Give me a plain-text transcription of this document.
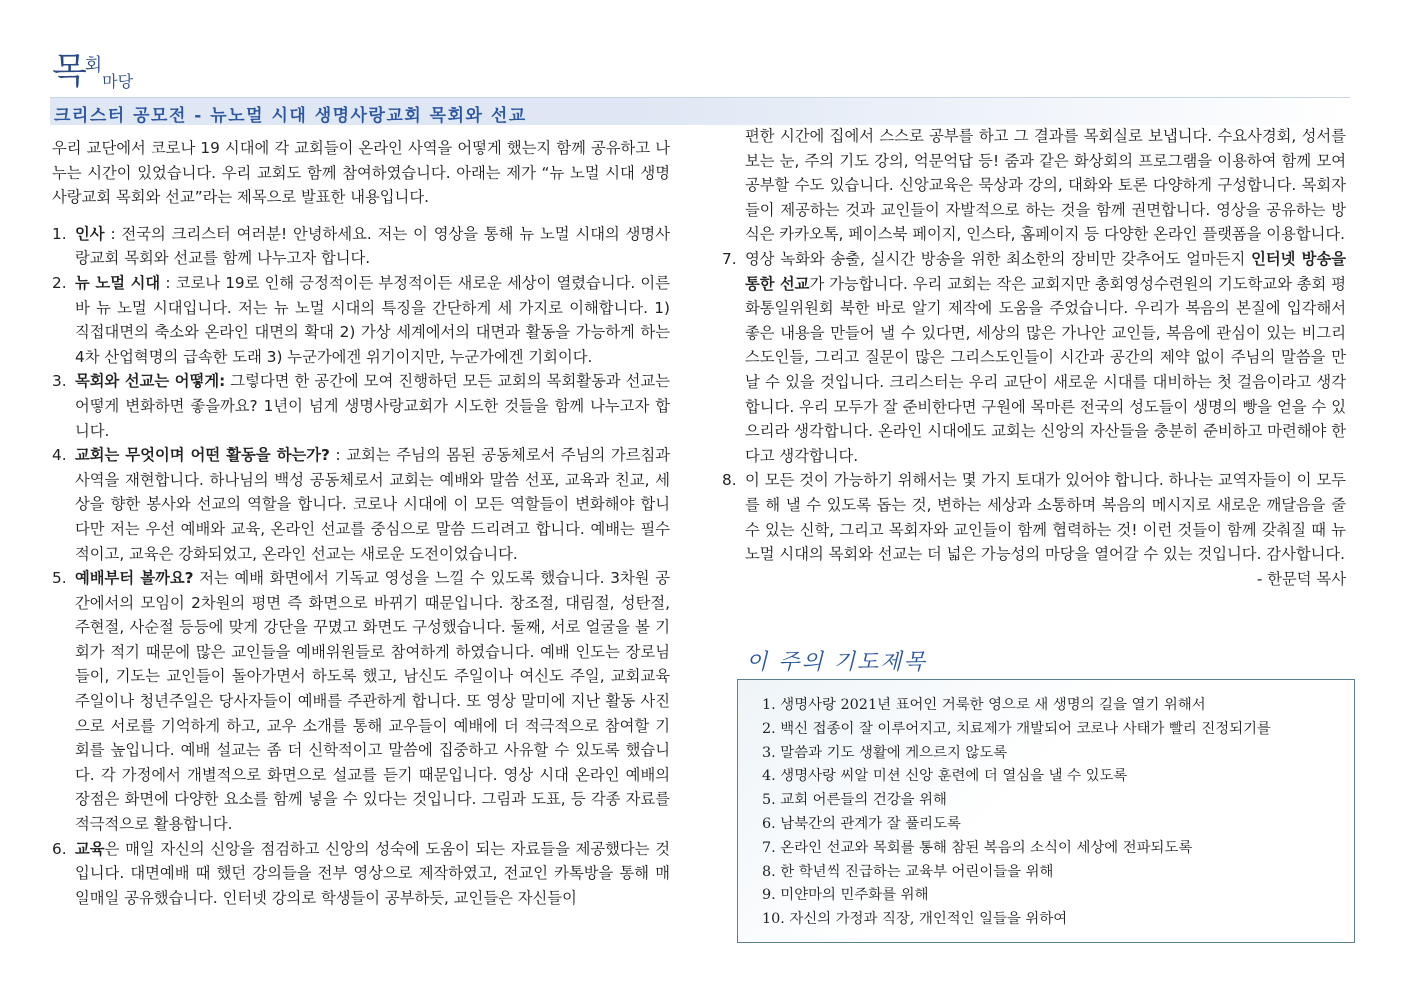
목회마당
크리스터 공모전 - 뉴노멀 시대 생명사랑교회 목회와 선교

우리 교단에서 코로나 19 시대에 각 교회들이 온라인 사역을 어떻게 했는지 함께 공유하고 나누는 시간이 있었습니다. 우리 교회도 함께 참여하였습니다. 아래는 제가 “뉴 노멀 시대 생명사랑교회 목회와 선교”라는 제목으로 발표한 내용입니다.

1. 인사 : 전국의 크리스터 여러분! 안녕하세요. 저는 이 영상을 통해 뉴 노멀 시대의 생명사랑교회 목회와 선교를 함께 나누고자 합니다.
2. 뉴 노멀 시대 : 코로나 19로 인해 긍정적이든 부정적이든 새로운 세상이 열렸습니다. 이른바 뉴 노멀 시대입니다. 저는 뉴 노멀 시대의 특징을 간단하게 세 가지로 이해합니다. 1) 직접대면의 축소와 온라인 대면의 확대 2) 가상 세계에서의 대면과 활동을 가능하게 하는 4차 산업혁명의 급속한 도래 3) 누군가에겐 위기이지만, 누군가에겐 기회이다.
3. 목회와 선교는 어떻게: 그렇다면 한 공간에 모여 진행하던 모든 교회의 목회활동과 선교는 어떻게 변화하면 좋을까요? 1년이 넘게 생명사랑교회가 시도한 것들을 함께 나누고자 합니다.
4. 교회는 무엇이며 어떤 활동을 하는가? : 교회는 주님의 몸된 공동체로서 주님의 가르침과 사역을 재현합니다. 하나님의 백성 공동체로서 교회는 예배와 말씀 선포, 교육과 친교, 세상을 향한 봉사와 선교의 역할을 합니다. 코로나 시대에 이 모든 역할들이 변화해야 합니다만 저는 우선 예배와 교육, 온라인 선교를 중심으로 말씀 드리려고 합니다. 예배는 필수적이고, 교육은 강화되었고, 온라인 선교는 새로운 도전이었습니다.
5. 예배부터 볼까요? 저는 예배 화면에서 기독교 영성을 느낄 수 있도록 했습니다. 3차원 공간에서의 모임이 2차원의 평면 즉 화면으로 바뀌기 때문입니다. 창조절, 대림절, 성탄절, 주현절, 사순절 등등에 맞게 강단을 꾸몄고 화면도 구성했습니다. 둘째, 서로 얼굴을 볼 기회가 적기 때문에 많은 교인들을 예배위원들로 참여하게 하였습니다. 예배 인도는 장로님들이, 기도는 교인들이 돌아가면서 하도록 했고, 남신도 주일이나 여신도 주일, 교회교육 주일이나 청년주일은 당사자들이 예배를 주관하게 합니다. 또 영상 말미에 지난 활동 사진으로 서로를 기억하게 하고, 교우 소개를 통해 교우들이 예배에 더 적극적으로 참여할 기회를 높입니다. 예배 설교는 좀 더 신학적이고 말씀에 집중하고 사유할 수 있도록 했습니다. 각 가정에서 개별적으로 화면으로 설교를 듣기 때문입니다. 영상 시대 온라인 예배의 장점은 화면에 다양한 요소를 함께 넣을 수 있다는 것입니다. 그림과 도표, 등 각종 자료를 적극적으로 활용합니다.
6. 교육은 매일 자신의 신앙을 점검하고 신앙의 성숙에 도움이 되는 자료들을 제공했다는 것입니다. 대면예배 때 했던 강의들을 전부 영상으로 제작하였고, 전교인 카톡방을 통해 매일매일 공유했습니다. 인터넷 강의로 학생들이 공부하듯, 교인들은 자신들이

편한 시간에 집에서 스스로 공부를 하고 그 결과를 목회실로 보냅니다. 수요사경회, 성서를 보는 눈, 주의 기도 강의, 억문억답 등! 줌과 같은 화상회의 프로그램을 이용하여 함께 모여 공부할 수도 있습니다. 신앙교육은 묵상과 강의, 대화와 토론 다양하게 구성합니다. 목회자들이 제공하는 것과 교인들이 자발적으로 하는 것을 함께 권면합니다. 영상을 공유하는 방식은 카카오톡, 페이스북 페이지, 인스타, 홈페이지 등 다양한 온라인 플랫폼을 이용합니다.

7. 영상 녹화와 송출, 실시간 방송을 위한 최소한의 장비만 갖추어도 얼마든지 인터넷 방송을 통한 선교가 가능합니다. 우리 교회는 작은 교회지만 총회영성수련원의 기도학교와 총회 평화통일위원회 북한 바로 알기 제작에 도움을 주었습니다. 우리가 복음의 본질에 입각해서 좋은 내용을 만들어 낼 수 있다면, 세상의 많은 가나안 교인들, 복음에 관심이 있는 비그리스도인들, 그리고 질문이 많은 그리스도인들이 시간과 공간의 제약 없이 주님의 말씀을 만날 수 있을 것입니다. 크리스터는 우리 교단이 새로운 시대를 대비하는 첫 걸음이라고 생각합니다. 우리 모두가 잘 준비한다면 구원에 목마른 전국의 성도들이 생명의 빵을 얻을 수 있으리라 생각합니다. 온라인 시대에도 교회는 신앙의 자산들을 충분히 준비하고 마련해야 한다고 생각합니다.
8. 이 모든 것이 가능하기 위해서는 몇 가지 토대가 있어야 합니다. 하나는 교역자들이 이 모두를 해 낼 수 있도록 돕는 것, 변하는 세상과 소통하며 복음의 메시지로 새로운 깨달음을 줄 수 있는 신학, 그리고 목회자와 교인들이 함께 협력하는 것! 이런 것들이 함께 갖춰질 때 뉴노멀 시대의 목회와 선교는 더 넓은 가능성의 마당을 열어갈 수 있는 것입니다. 감사합니다.

- 한문덕 목사

이 주의 기도제목
1. 생명사랑 2021년 표어인 거룩한 영으로 새 생명의 길을 열기 위해서
2. 백신 접종이 잘 이루어지고, 치료제가 개발되어 코로나 사태가 빨리 진정되기를
3. 말씀과 기도 생활에 게으르지 않도록
4. 생명사랑 씨알 미션 신앙 훈련에 더 열심을 낼 수 있도록
5. 교회 어른들의 건강을 위해
6. 남북간의 관계가 잘 풀리도록
7. 온라인 선교와 목회를 통해 참된 복음의 소식이 세상에 전파되도록
8. 한 학년씩 진급하는 교육부 어린이들을 위해
9. 미얀마의 민주화를 위해
10. 자신의 가정과 직장, 개인적인 일들을 위하여
